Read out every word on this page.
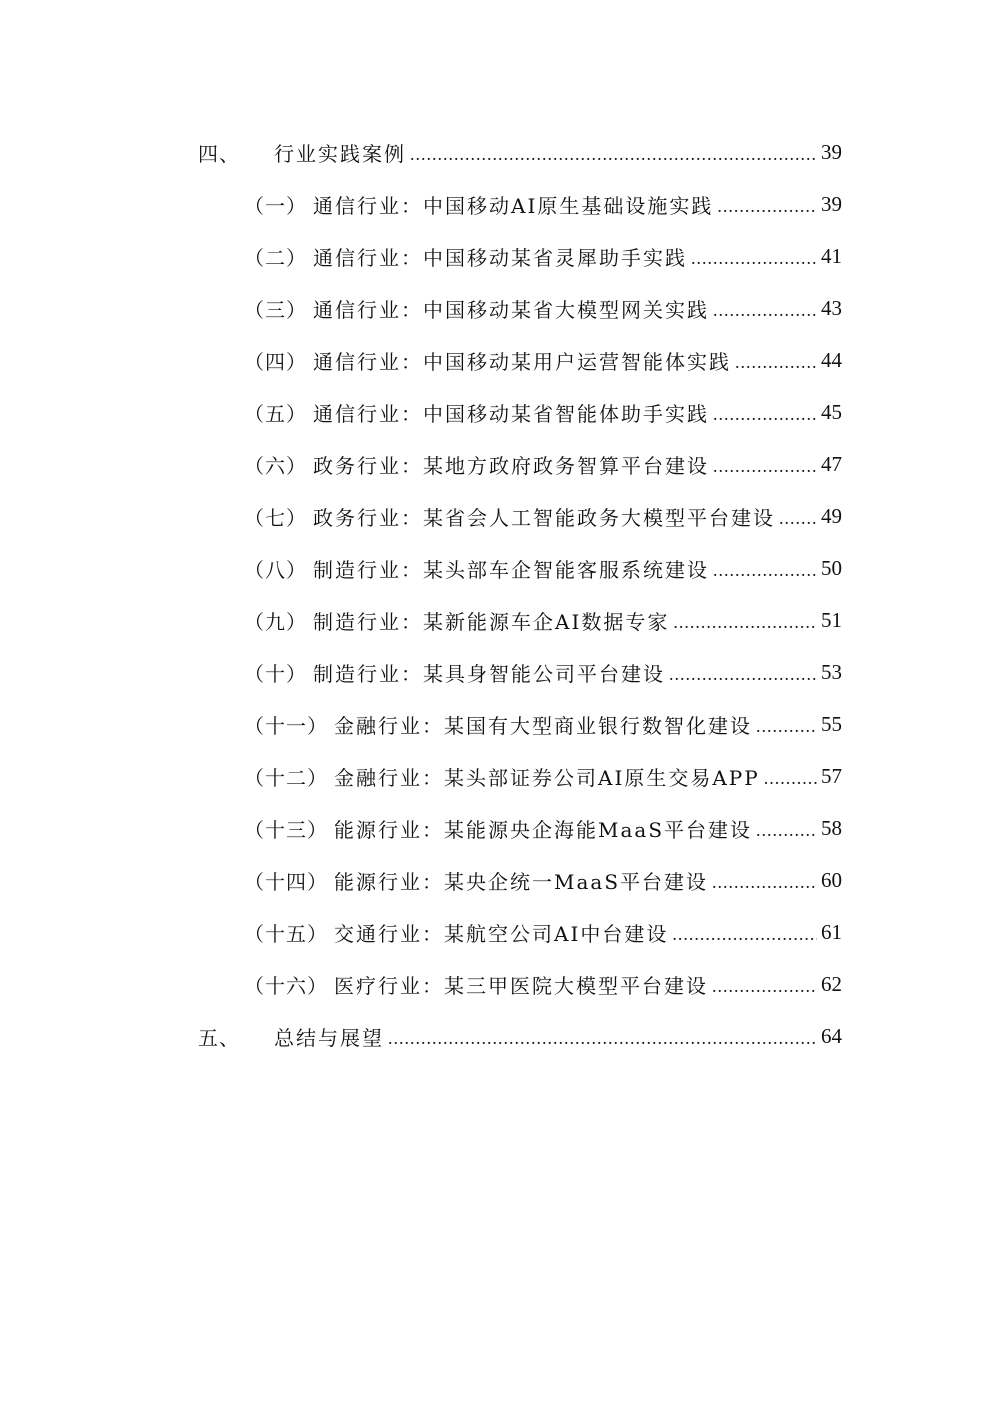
四、 行业实践案例 .....	39
（一） 通信行业：中国移动AI原生基础设施实践 .....	39
（二） 通信行业：中国移动某省灵犀助手实践 .....	41
（三） 通信行业：中国移动某省大模型网关实践 .....	43
（四） 通信行业：中国移动某用户运营智能体实践 .....	44
（五） 通信行业：中国移动某省智能体助手实践 .....	45
（六） 政务行业：某地方政府政务智算平台建设 .....	47
（七） 政务行业：某省会人工智能政务大模型平台建设 ..... 49
（八） 制造行业：某头部车企智能客服系统建设 .....	50
（九） 制造行业：某新能源车企AI数据专家 .....	51
（十） 制造行业：某具身智能公司平台建设 .....	53
（十一） 金融行业：某国有大型商业银行数智化建设 .....	55
（十二） 金融行业：某头部证券公司AI原生交易APP .....	57
（十三） 能源行业：某能源央企海能MaaS平台建设 .....	58
（十四） 能源行业：某央企统一MaaS平台建设 .....	60
（十五） 交通行业：某航空公司AI中台建设 .....	61
（十六） 医疗行业：某三甲医院大模型平台建设 .....	62
五、 总结与展望 .....	64
